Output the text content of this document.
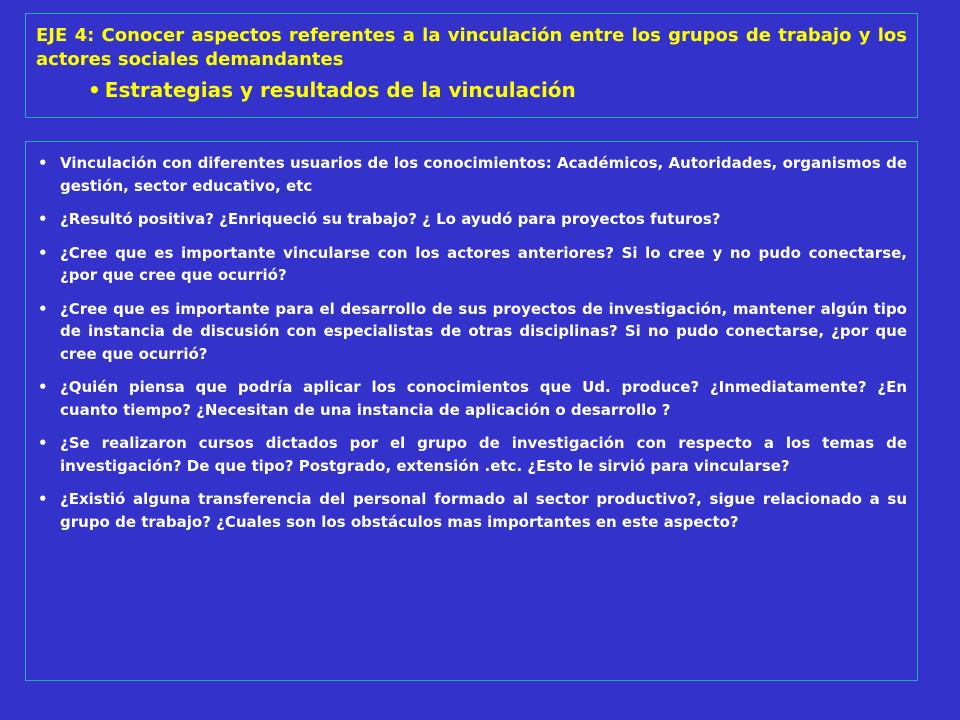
EJE 4: Conocer aspectos referentes a la vinculación entre los grupos de trabajo y los actores sociales demandantes

• Estrategias y resultados de la vinculación
• Vinculación con diferentes usuarios de los conocimientos: Académicos, Autoridades, organismos de gestión, sector educativo, etc
• ¿Resultó positiva? ¿Enriqueció su trabajo? ¿ Lo ayudó para proyectos futuros?
• ¿Cree que es importante vincularse con los actores anteriores? Si lo cree y no pudo conectarse, ¿por que cree que ocurrió?
• ¿Cree que es importante para el desarrollo de sus proyectos de investigación, mantener algún tipo de instancia de discusión con especialistas de otras disciplinas? Si no pudo conectarse, ¿por que cree que ocurrió?
• ¿Quién piensa que podría aplicar los conocimientos que Ud. produce? ¿Inmediatamente? ¿En cuanto tiempo? ¿Necesitan de una instancia de aplicación o desarrollo ?
• ¿Se realizaron cursos dictados por el grupo de investigación con respecto a los temas de investigación? De que tipo? Postgrado, extensión .etc. ¿Esto le sirvió para vincularse?
• ¿Existió alguna transferencia del personal formado al sector productivo?, sigue relacionado a su grupo de trabajo? ¿Cuales son los obstáculos mas importantes en este aspecto?
